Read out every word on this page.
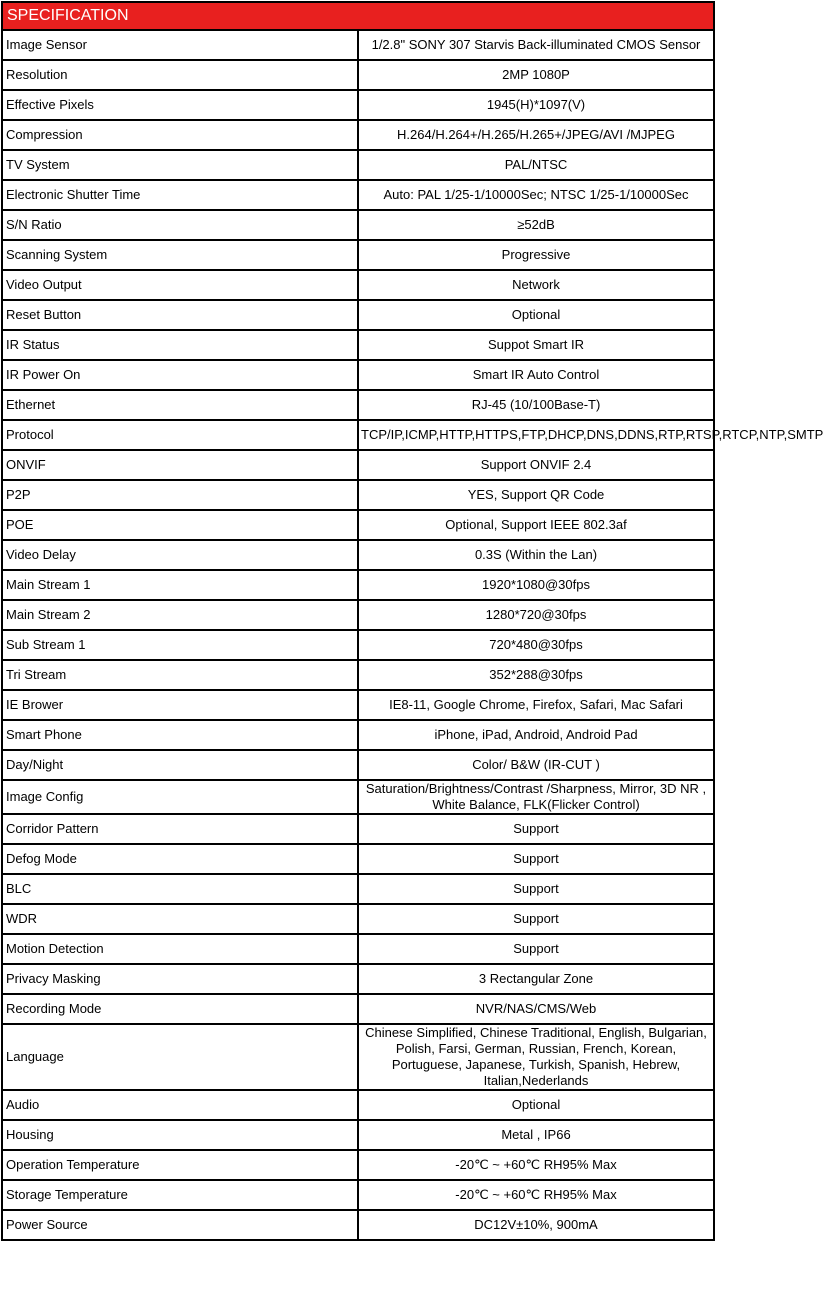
SPECIFICATION	
Image Sensor	1/2.8" SONY 307 Starvis Back-illuminated CMOS Sensor
Resolution	2MP 1080P
Effective Pixels	1945(H)*1097(V)
Compression	H.264/H.264+/H.265/H.265+/JPEG/AVI /MJPEG
TV System	PAL/NTSC
Electronic Shutter Time	Auto: PAL 1/25-1/10000Sec; NTSC 1/25-1/10000Sec
S/N Ratio	≥52dB
Scanning System	Progressive
Video Output	Network
Reset Button	Optional
IR Status	Suppot Smart IR
IR Power On	Smart IR Auto Control
Ethernet	RJ-45 (10/100Base-T)
Protocol	TCP/IP,ICMP,HTTP,HTTPS,FTP,DHCP,DNS,DDNS,RTP,RTSP,RTCP,NTP,SMTP
ONVIF	Support ONVIF 2.4
P2P	YES, Support QR Code
POE	Optional, Support IEEE 802.3af
Video Delay	0.3S (Within the Lan)
Main Stream 1	1920*1080@30fps
Main Stream 2	1280*720@30fps
Sub Stream 1	720*480@30fps
Tri Stream	352*288@30fps
IE Brower	IE8-11, Google Chrome, Firefox, Safari, Mac Safari
Smart Phone	iPhone, iPad, Android, Android Pad
Day/Night	Color/ B&W (IR-CUT )
Image Config	Saturation/Brightness/Contrast /Sharpness, Mirror, 3D NR , White Balance, FLK(Flicker Control)
Corridor Pattern	Support
Defog Mode	Support
BLC	Support
WDR	Support
Motion Detection	Support
Privacy Masking	3 Rectangular Zone
Recording Mode	NVR/NAS/CMS/Web
Language	Chinese Simplified, Chinese Traditional, English, Bulgarian, Polish, Farsi, German, Russian, French, Korean, Portuguese, Japanese, Turkish, Spanish, Hebrew, Italian,Nederlands
Audio	Optional
Housing	Metal , IP66
Operation Temperature	-20℃ ~ +60℃ RH95% Max
Storage Temperature	-20℃ ~ +60℃ RH95% Max
Power Source	DC12V±10%, 900mA
